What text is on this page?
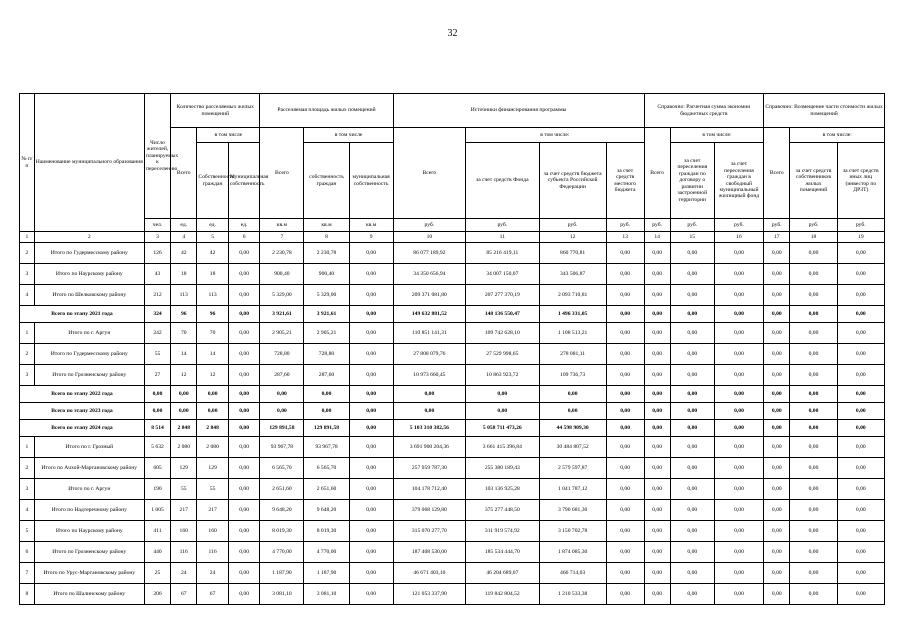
32
№ п/п	Наименование муниципального образования	Число жителей, планируемых к переселению	Количество расселяемых жилых помещений			Расселяемая площадь жилых помещений			Источники финансирования программы				Справочно: Расчетная сумма экономии бюджетных средств			Справочно: Возмещение части стоимости жилых помещений		
			Всего	в том числе		Всего	в том числе		Всего	в том числе:			Всего	в том числе:		Всего	в том числе:	
				Собственность граждан	Муниципальная собственность		собственность граждан	муниципальная собственность		за счет средств Фонда	за счет средств бюджета субъекта Российской Федерации	за счет средств местного бюджета		за счет переселения граждан по договору о развитии застроенной территории	за счет переселения граждан в свободный муниципальный жилищный фонд		за счет средств собственников жилых помещений	за счет средств иных лиц (инвестор по ДРЗТ)
		чел.	ед.	ед.	ед.	кв.м	кв.м	кв.м	руб.	руб.	руб.	руб.	руб.	руб.	руб.	руб.	руб.	руб.
1	2	3	4	5	6	7	8	9	10	11	12	13	14	15	16	17	18	19
2	Итого по Гудермесскому району	126	42	42	0,00	2 230,78	2 230,78	0,00	86 077 189,92	85 216 419,11	860 770,81	0,00	0,00	0,00	0,00	0,00	0,00	0,00
3	Итого по Наурскому району	43	18	18	0,00	900,40	900,40	0,00	34 350 656,94	34 007 150,07	343 506,87	0,00	0,00	0,00	0,00	0,00	0,00	0,00
4	Итого по Шелковскому району	212	113	113	0,00	5 329,00	5 329,00	0,00	209 371 081,80	207 277 370,19	2 093 710,81	0,00	0,00	0,00	0,00	0,00	0,00	0,00
Всего по этапу 2021 года		324	96	96	0,00	3 921,61	3 921,61	0,00	149 632 881,52	148 136 550,47	1 496 331,05	0,00	0,00	0,00	0,00	0,00	0,00	0,00
1	Итого по г. Аргун	242	70	70	0,00	2 905,21	2 905,21	0,00	110 851 141,31	109 742 628,10	1 108 513,21	0,00	0,00	0,00	0,00	0,00	0,00	0,00
2	Итого по Гудермесскому району	55	14	14	0,00	728,80	728,80	0,00	27 808 079,76	27 529 998,65	278 081,11	0,00	0,00	0,00	0,00	0,00	0,00	0,00
3	Итого по Грозненскому району	27	12	12	0,00	287,60	287,60	0,00	10 973 660,45	10 863 923,72	109 736,73	0,00	0,00	0,00	0,00	0,00	0,00	0,00
Всего по этапу 2022 года		0,00	0,00	0,00	0,00	0,00	0,00	0,00	0,00	0,00	0,00	0,00	0,00	0,00	0,00	0,00	0,00	0,00
Всего по этапу 2023 года		0,00	0,00	0,00	0,00	0,00	0,00	0,00	0,00	0,00	0,00	0,00	0,00	0,00	0,00	0,00	0,00	0,00
Всего по этапу 2024 года		8 514	2 848	2 848	0,00	129 891,58	129 891,58	0,00	5 103 310 382,56	5 058 711 473,26	44 598 909,30	0,00	0,00	0,00	0,00	0,00	0,00	0,00
1	Итого по г. Грозный	5 632	2 080	2 080	0,00	93 967,78	93 967,78	0,00	3 691 900 204,36	3 661 415 396,84	30 484 807,52	0,00	0,00	0,00	0,00	0,00	0,00	0,00
2	Итого по Ачхой-Мартановскому району	605	129	129	0,00	6 565,70	6 565,70	0,00	257 959 787,30	255 380 189,43	2 579 597,87	0,00	0,00	0,00	0,00	0,00	0,00	0,00
3	Итого по г. Аргун	190	55	55	0,00	2 651,60	2 651,60	0,00	104 178 712,40	103 136 925,28	1 041 787,12	0,00	0,00	0,00	0,00	0,00	0,00	0,00
4	Итого по Надтеречному району	1 005	217	217	0,00	9 648,20	9 648,20	0,00	379 068 129,80	375 277 448,50	3 790 681,30	0,00	0,00	0,00	0,00	0,00	0,00	0,00
5	Итого по Наурскому району	411	160	160	0,00	8 019,30	8 019,30	0,00	315 070 277,70	311 919 574,92	3 150 702,78	0,00	0,00	0,00	0,00	0,00	0,00	0,00
6	Итого по Грозненскому району	440	116	116	0,00	4 770,00	4 770,00	0,00	187 408 530,00	185 534 444,70	1 874 085,30	0,00	0,00	0,00	0,00	0,00	0,00	0,00
7	Итого по Урус-Мартановскому району	25	24	24	0,00	1 187,90	1 187,90	0,00	46 671 403,10	46 204 689,07	466 714,03	0,00	0,00	0,00	0,00	0,00	0,00	0,00
8	Итого по Шалинскому району	206	67	67	0,00	3 081,10	3 081,10	0,00	121 053 337,90	119 842 804,52	1 210 533,38	0,00	0,00	0,00	0,00	0,00	0,00	0,00
